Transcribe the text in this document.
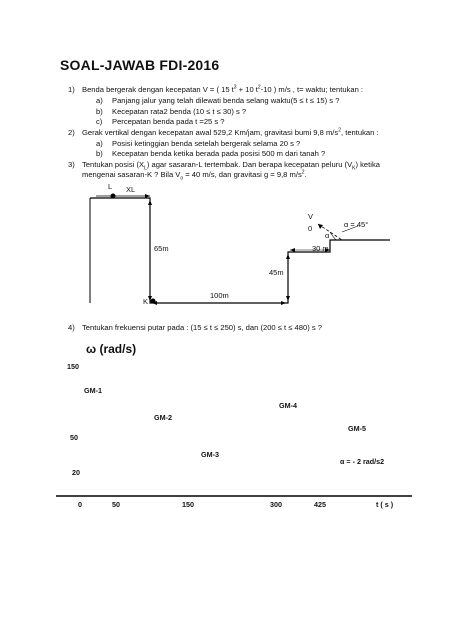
SOAL-JAWAB FDI-2016
1) Benda bergerak dengan kecepatan V = ( 15 $t^3 + 10$ $t^2-10$ ) m/s , t= waktu; tentukan :
a) Panjang jalur yang telah dilewati benda selang waktu(5 ≤ t ≤ 15) s ?
b) Kecepatan rata2 benda (10 ≤ t ≤ 30) s ?
c) Percepatan benda pada t =25 s ?
2) Gerak vertikal dengan kecepatan awal 529,2 Km/jam, gravitasi bumi 9,8 $m/s^2$, tentukan :
a) Posisi ketinggian benda setelah bergerak selama 20 s ?
b) Kecepatan benda ketika berada pada posisi 500 m dari tanah ?
3) Tentukan posisi $(X_L)$ agar sasaran-L tertembak. Dan berapa kecepatan peluru $(V_K)$ ketika
mengenai sasaran-K ? Bila $V_o = 40$ m/s, dan gravitasi g = 9,8 $m/s^2$.
L XL
K
65m
100m
45m
30 m
V
0
α
α = 45°
4) Tentukan frekuensi putar pada : (15 ≤ t ≤ 250) s, dan (200 ≤ t ≤ 480) s ?
ω (rad/s)
150
50
20
GM-1
GM-2
GM-3
GM-4
GM-5
α = - 2 rad/s2
0	50	150	300	425	t ( s )
